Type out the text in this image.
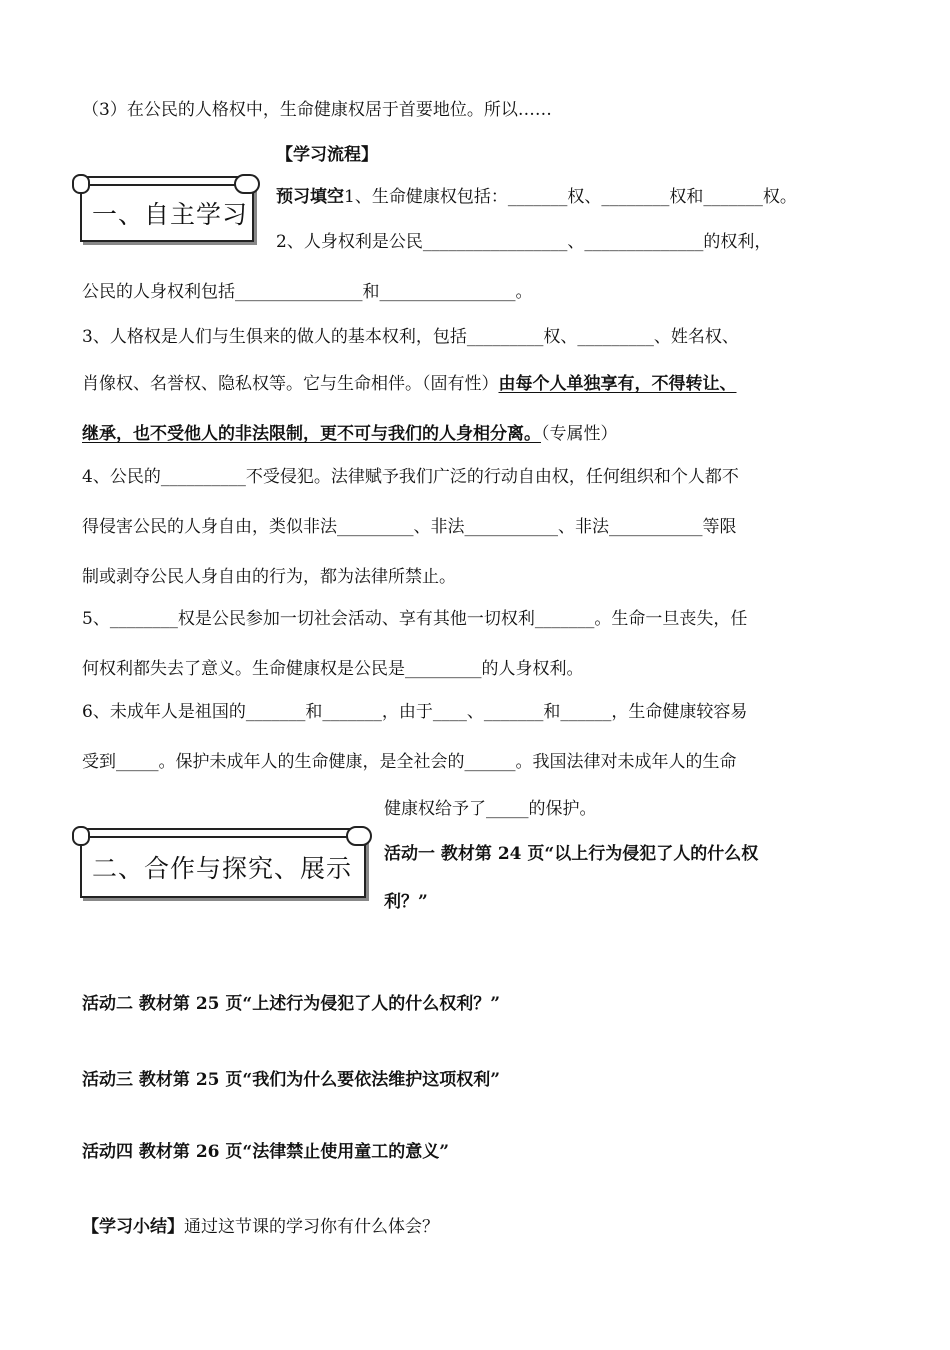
（3）在公民的人格权中，生命健康权居于首要地位。所以……
【学习流程】
一、自主学习
预习填空1、生命健康权包括：_______权、________权和_______权。
2、人身权利是公民_________________、______________的权利，
公民的人身权利包括_______________和________________。
3、人格权是人们与生俱来的做人的基本权利，包括_________权、_________、姓名权、
肖像权、名誉权、隐私权等。它与生命相伴。（固有性）由每个人单独享有，不得转让、
继承，也不受他人的非法限制，更不可与我们的人身相分离。（专属性）
4、公民的__________不受侵犯。法律赋予我们广泛的行动自由权，任何组织和个人都不
得侵害公民的人身自由，类似非法_________、非法___________、非法___________等限
制或剥夺公民人身自由的行为，都为法律所禁止。
5、________权是公民参加一切社会活动、享有其他一切权利_______。生命一旦丧失，任
何权利都失去了意义。生命健康权是公民是_________的人身权利。
6、未成年人是祖国的_______和_______，由于____、_______和______，生命健康较容易
受到_____。保护未成年人的生命健康，是全社会的______。我国法律对未成年人的生命
健康权给予了_____的保护。
二、合作与探究、展示 活动一 教材第 24 页“以上行为侵犯了人的什么权
利？”
活动二 教材第 25 页“上述行为侵犯了人的什么权利？”
活动三 教材第 25 页“我们为什么要依法维护这项权利”
活动四 教材第 26 页“法律禁止使用童工的意义”
【学习小结】通过这节课的学习你有什么体会？
